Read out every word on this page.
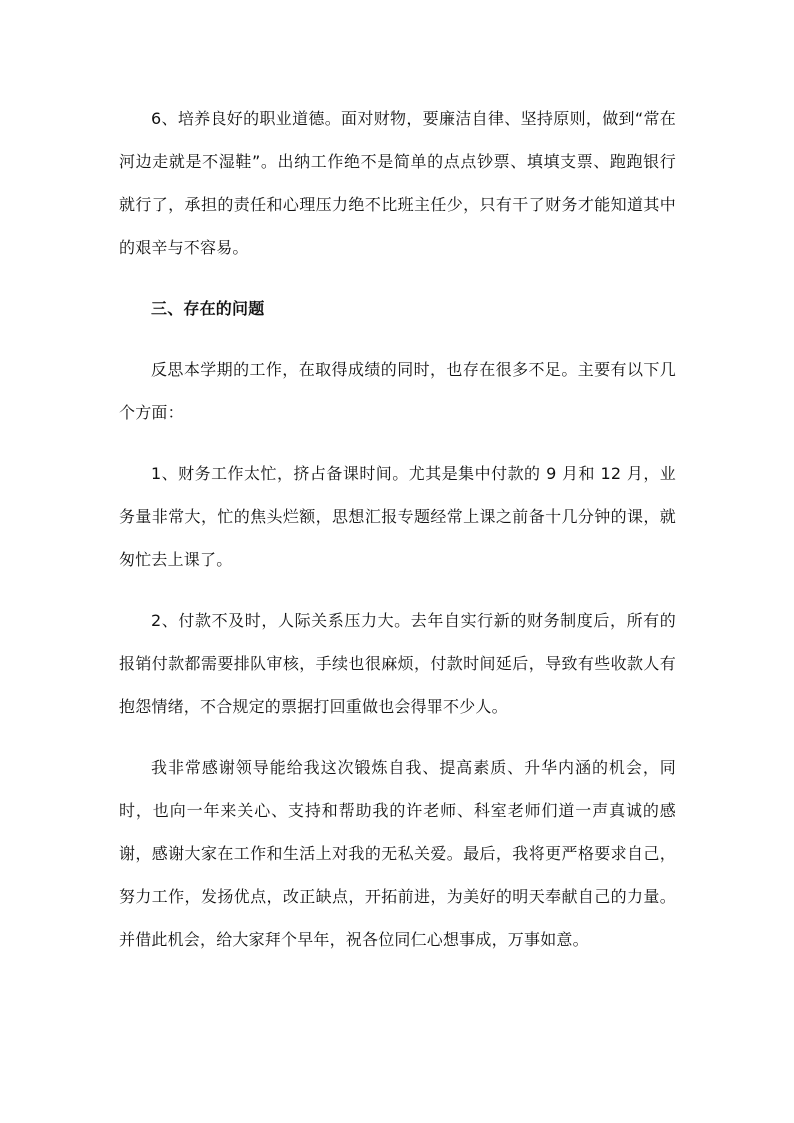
6、培养良好的职业道德。面对财物，要廉洁自律、坚持原则，做到“常在河边走就是不湿鞋”。出纳工作绝不是简单的点点钞票、填填支票、跑跑银行就行了，承担的责任和心理压力绝不比班主任少，只有干了财务才能知道其中的艰辛与不容易。

三、存在的问题

反思本学期的工作，在取得成绩的同时，也存在很多不足。主要有以下几个方面：

1、财务工作太忙，挤占备课时间。尤其是集中付款的 9 月和 12 月，业务量非常大，忙的焦头烂额，思想汇报专题经常上课之前备十几分钟的课，就匆忙去上课了。

2、付款不及时，人际关系压力大。去年自实行新的财务制度后，所有的报销付款都需要排队审核，手续也很麻烦，付款时间延后，导致有些收款人有抱怨情绪，不合规定的票据打回重做也会得罪不少人。

我非常感谢领导能给我这次锻炼自我、提高素质、升华内涵的机会，同时，也向一年来关心、支持和帮助我的许老师、科室老师们道一声真诚的感谢，感谢大家在工作和生活上对我的无私关爱。最后，我将更严格要求自己，努力工作，发扬优点，改正缺点，开拓前进，为美好的明天奉献自己的力量。并借此机会，给大家拜个早年，祝各位同仁心想事成，万事如意。
